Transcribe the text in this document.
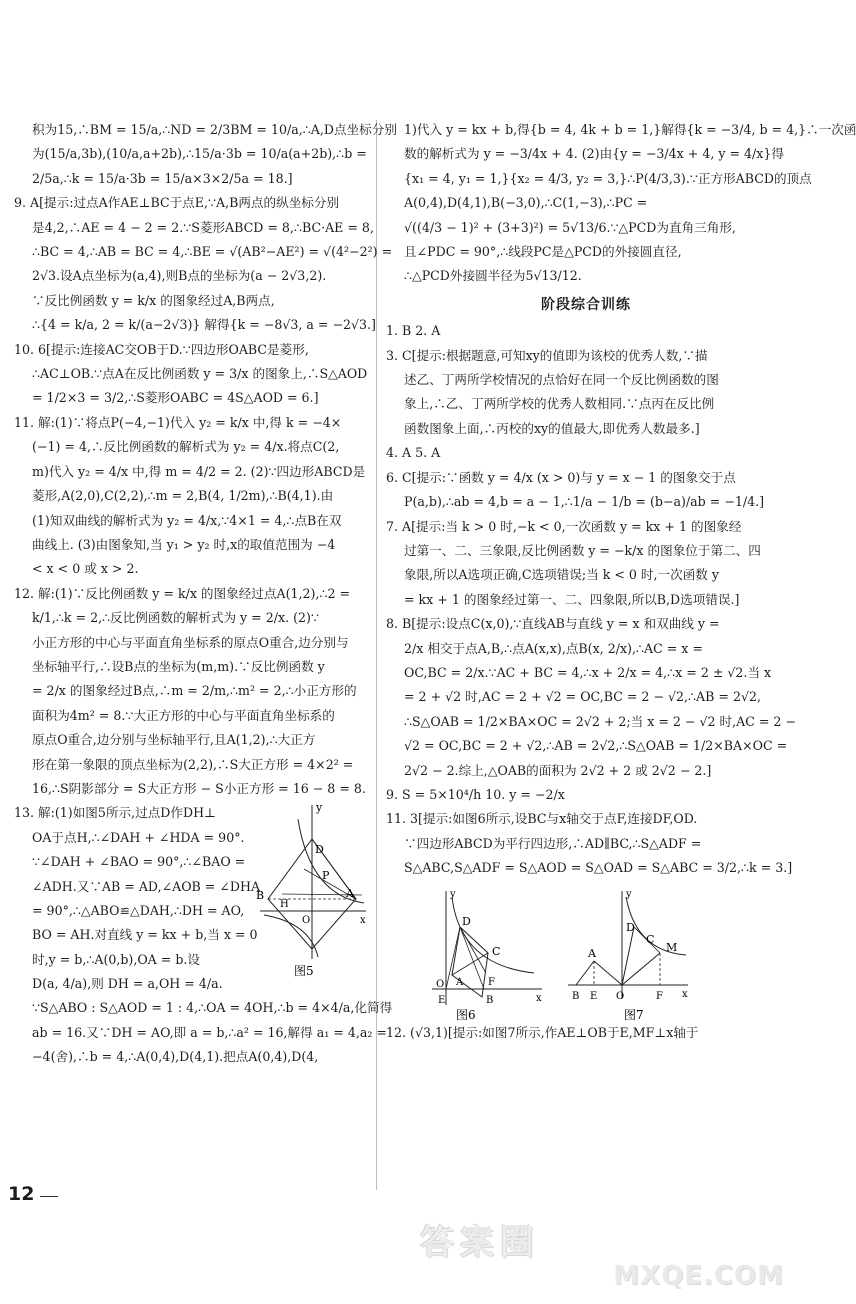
积为15,∴BM = 15/a,∴ND = 2/3BM = 10/a,∴A,D点坐标分别
为(15/a,3b),(10/a,a+2b),∴15/a·3b = 10/a(a+2b),∴b =
2/5a,∴k = 15/a·3b = 15/a×3×2/5a = 18.]
9. A[提示:过点A作AE⊥BC于点E,∵A,B两点的纵坐标分别
是4,2,∴AE = 4 − 2 = 2.∵S菱形ABCD = 8,∴BC·AE = 8,
∴BC = 4,∴AB = BC = 4,∴BE = √(AB²−AE²) = √(4²−2²) =
2√3.设A点坐标为(a,4),则B点的坐标为(a − 2√3,2).
∵反比例函数 y = k/x 的图象经过A,B两点,
∴{4 = k/a, 2 = k/(a−2√3)} 解得{k = −8√3, a = −2√3.]
10. 6[提示:连接AC交OB于D.∵四边形OABC是菱形,
∴AC⊥OB.∵点A在反比例函数 y = 3/x 的图象上,∴S△AOD
= 1/2×3 = 3/2,∴S菱形OABC = 4S△AOD = 6.]
11. 解:(1)∵将点P(−4,−1)代入 y₂ = k/x 中,得 k = −4×
(−1) = 4,∴反比例函数的解析式为 y₂ = 4/x.将点C(2,
m)代入 y₂ = 4/x 中,得 m = 4/2 = 2. (2)∵四边形ABCD是
菱形,A(2,0),C(2,2),∴m = 2,B(4, 1/2m),∴B(4,1).由
(1)知双曲线的解析式为 y₂ = 4/x,∵4×1 = 4,∴点B在双
曲线上. (3)由图象知,当 y₁ > y₂ 时,x的取值范围为 −4
< x < 0 或 x > 2.
12. 解:(1)∵反比例函数 y = k/x 的图象经过点A(1,2),∴2 =
k/1,∴k = 2,∴反比例函数的解析式为 y = 2/x. (2)∵
小正方形的中心与平面直角坐标系的原点O重合,边分别与
坐标轴平行,∴设B点的坐标为(m,m).∵反比例函数 y
= 2/x 的图象经过B点,∴m = 2/m,∴m² = 2,∴小正方形的
面积为4m² = 8.∵大正方形的中心与平面直角坐标系的
原点O重合,边分别与坐标轴平行,且A(1,2),∴大正方
形在第一象限的顶点坐标为(2,2),∴S大正方形 = 4×2² =
16,∴S阴影部分 = S大正方形 − S小正方形 = 16 − 8 = 8.
13. 解:(1)如图5所示,过点D作DH⊥
OA于点H,∴∠DAH + ∠HDA = 90°.
∵∠DAH + ∠BAO = 90°,∴∠BAO =
∠ADH.又∵AB = AD,∠AOB = ∠DHA
= 90°,∴△ABO≌△DAH,∴DH = AO,
BO = AH.对直线 y = kx + b,当 x = 0
时,y = b,∴A(0,b),OA = b.设
D(a, 4/a),则 DH = a,OH = 4/a.
y
D
P
B
H
A
O	x
图5
∵S△ABO : S△AOD = 1 : 4,∴OA = 4OH,∴b = 4×4/a,化简得
ab = 16.又∵DH = AO,即 a = b,∴a² = 16,解得 a₁ = 4,a₂ =
−4(舍),∴b = 4,∴A(0,4),D(4,1).把点A(0,4),D(4,
1)代入 y = kx + b,得{b = 4, 4k + b = 1,}解得{k = −3/4, b = 4,}∴一次函
数的解析式为 y = −3/4x + 4. (2)由{y = −3/4x + 4, y = 4/x}得
{x₁ = 4, y₁ = 1,}{x₂ = 4/3, y₂ = 3,}∴P(4/3,3).∵正方形ABCD的顶点
A(0,4),D(4,1),B(−3,0),∴C(1,−3),∴PC =
√((4/3 − 1)² + (3+3)²) = 5√13/6.∵△PCD为直角三角形,
且∠PDC = 90°,∴线段PC是△PCD的外接圆直径,
∴△PCD外接圆半径为5√13/12.
阶段综合训练
1. B 2. A
3. C[提示:根据题意,可知xy的值即为该校的优秀人数,∵描
述乙、丁两所学校情况的点恰好在同一个反比例函数的图
象上,∴乙、丁两所学校的优秀人数相同.∵点丙在反比例
函数图象上面,∴丙校的xy的值最大,即优秀人数最多.]
4. A 5. A
6. C[提示:∵函数 y = 4/x (x > 0)与 y = x − 1 的图象交于点
P(a,b),∴ab = 4,b = a − 1,∴1/a − 1/b = (b−a)/ab = −1/4.]
7. A[提示:当 k > 0 时,−k < 0,一次函数 y = kx + 1 的图象经
过第一、二、三象限,反比例函数 y = −k/x 的图象位于第二、四
象限,所以A选项正确,C选项错误;当 k < 0 时,一次函数 y
= kx + 1 的图象经过第一、二、四象限,所以B,D选项错误.]
8. B[提示:设点C(x,0),∵直线AB与直线 y = x 和双曲线 y =
2/x 相交于点A,B,∴点A(x,x),点B(x, 2/x),∴AC = x =
OC,BC = 2/x.∵AC + BC = 4,∴x + 2/x = 4,∴x = 2 ± √2.当 x
= 2 + √2 时,AC = 2 + √2 = OC,BC = 2 − √2,∴AB = 2√2,
∴S△OAB = 1/2×BA×OC = 2√2 + 2;当 x = 2 − √2 时,AC = 2 −
√2 = OC,BC = 2 + √2,∴AB = 2√2,∴S△OAB = 1/2×BA×OC =
2√2 − 2.综上,△OAB的面积为 2√2 + 2 或 2√2 − 2.]
9. S = 5×10⁴/h 10. y = −2/x
11. 3[提示:如图6所示,设BC与x轴交于点F,连接DF,OD.
∵四边形ABCD为平行四边形,∴AD∥BC,∴S△ADF =
S△ABC,S△ADF = S△AOD = S△OAD = S△ABC = 3/2,∴k = 3.]
y
D
C
F
A
B
O
E	x
图6
y
D
C
M
A
B E O	F x
图7
12. (√3,1)[提示:如图7所示,作AE⊥OB于E,MF⊥x轴于
12
答案圈
MXQE.COM
